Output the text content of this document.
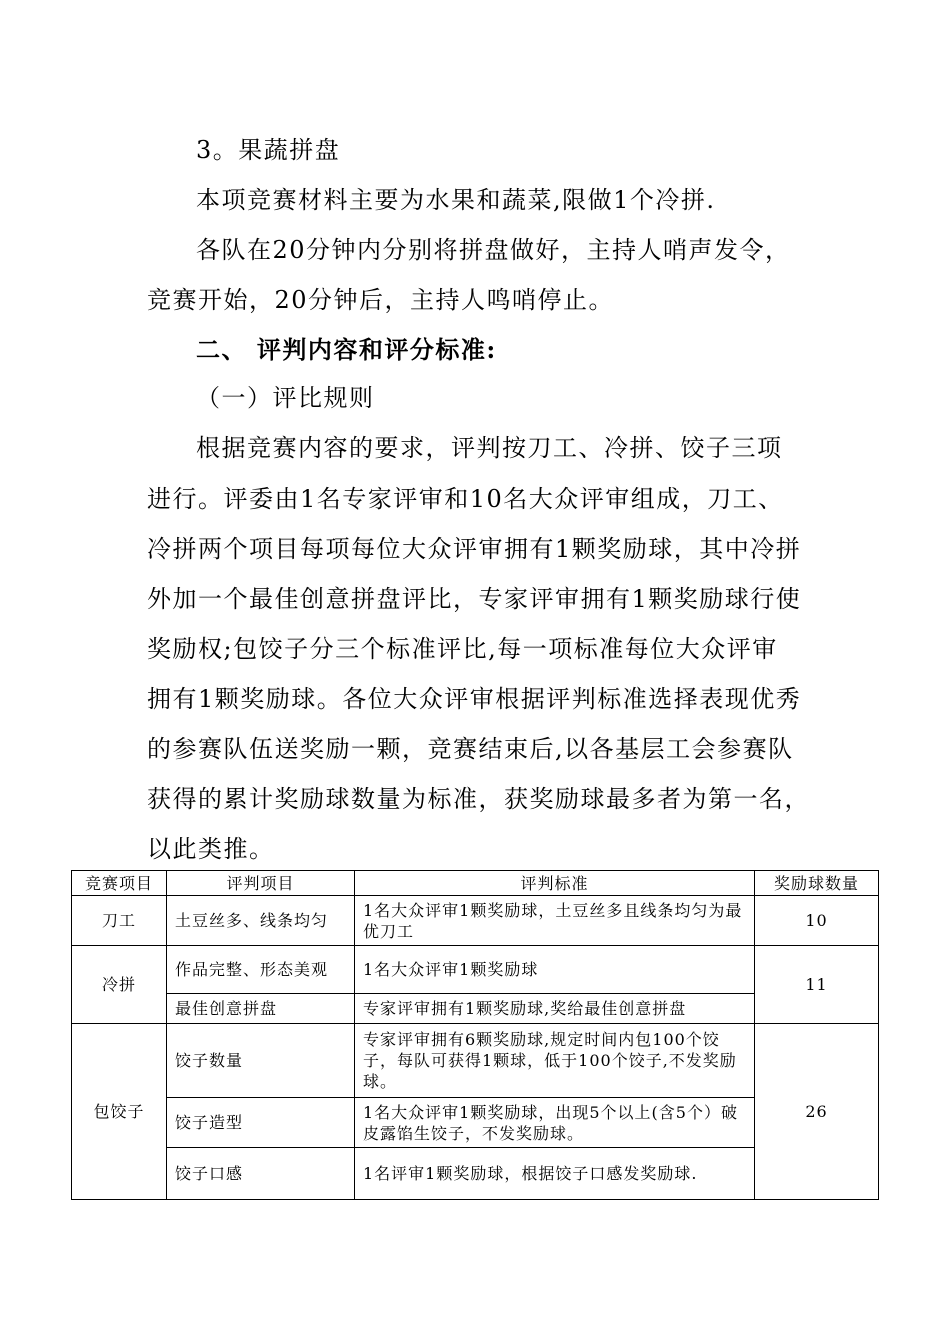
3。果蔬拼盘
本项竞赛材料主要为水果和蔬菜,限做1个冷拼.
各队在20分钟内分别将拼盘做好，主持人哨声发令，
竞赛开始，20分钟后，主持人鸣哨停止。
二、 评判内容和评分标准:
（一）评比规则
根据竞赛内容的要求，评判按刀工、冷拼、饺子三项
进行。评委由1名专家评审和10名大众评审组成，刀工、
冷拼两个项目每项每位大众评审拥有1颗奖励球，其中冷拼
外加一个最佳创意拼盘评比，专家评审拥有1颗奖励球行使
奖励权;包饺子分三个标准评比,每一项标准每位大众评审
拥有1颗奖励球。各位大众评审根据评判标准选择表现优秀
的参赛队伍送奖励一颗，竞赛结束后,以各基层工会参赛队
获得的累计奖励球数量为标准，获奖励球最多者为第一名，
以此类推。
竞赛项目	评判项目	评判标准	奖励球数量
刀工	土豆丝多、线条均匀	1名大众评审1颗奖励球，土豆丝多且线条均匀为最优刀工	10
冷拼	作品完整、形态美观	1名大众评审1颗奖励球	11
	最佳创意拼盘	专家评审拥有1颗奖励球,奖给最佳创意拼盘	
包饺子	饺子数量	专家评审拥有6颗奖励球,规定时间内包100个饺子，每队可获得1颗球，低于100个饺子,不发奖励球。	26
	饺子造型	1名大众评审1颗奖励球，出现5个以上(含5个）破皮露馅生饺子，不发奖励球。	
	饺子口感	1名评审1颗奖励球，根据饺子口感发奖励球.	
